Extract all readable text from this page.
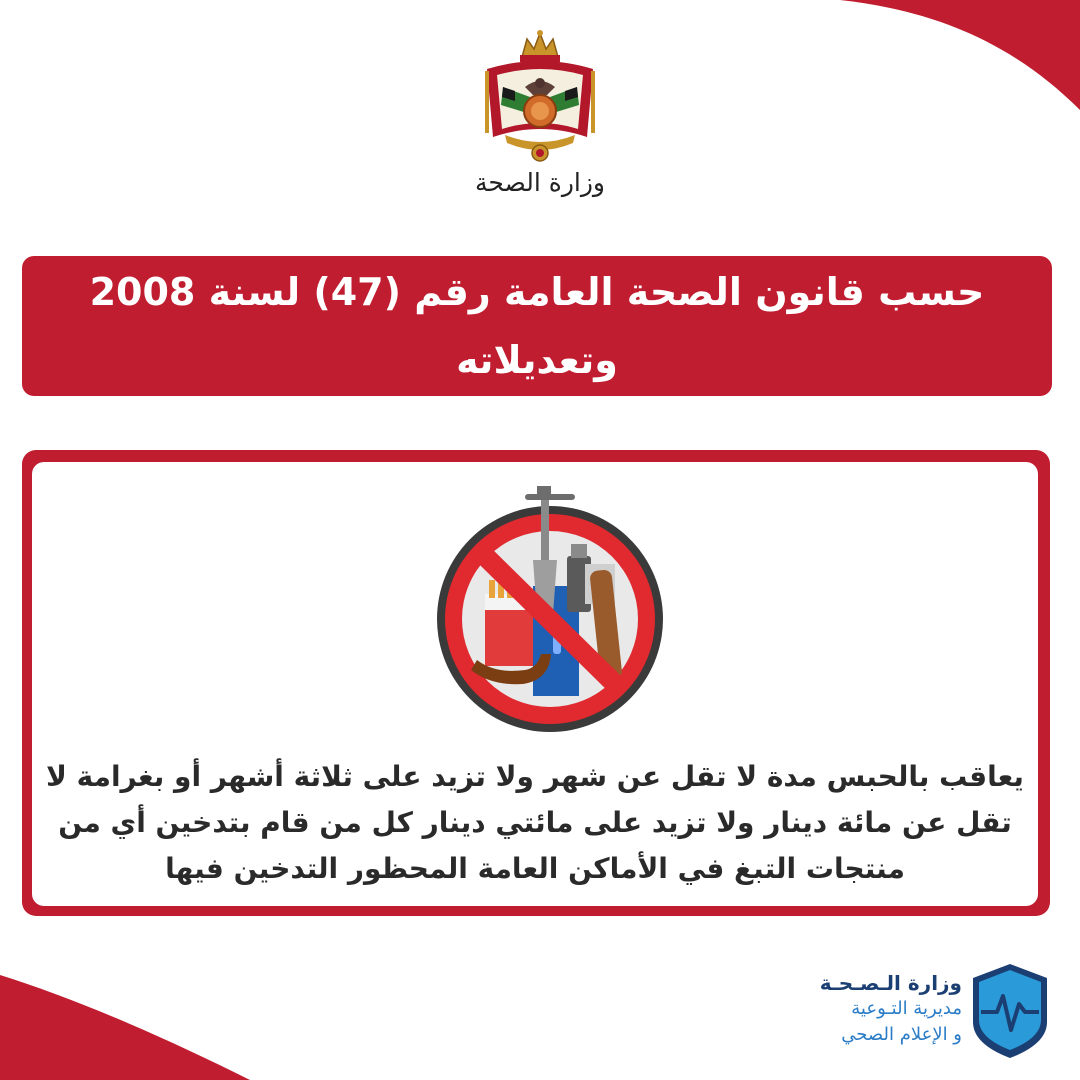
وزارة الصحة
حسب قانون الصحة العامة رقم (47) لسنة 2008 وتعديلاته

يعاقب بالحبس مدة لا تقل عن شهر ولا تزيد على ثلاثة أشهر أو بغرامة لا تقل عن مائة دينار ولا تزيد على مائتي دينار كل من قام بتدخين أي من منتجات التبغ في الأماكن العامة المحظور التدخين فيها

وزارة الـصـحـة
مديرية التـوعية
و الإعلام الصحي
